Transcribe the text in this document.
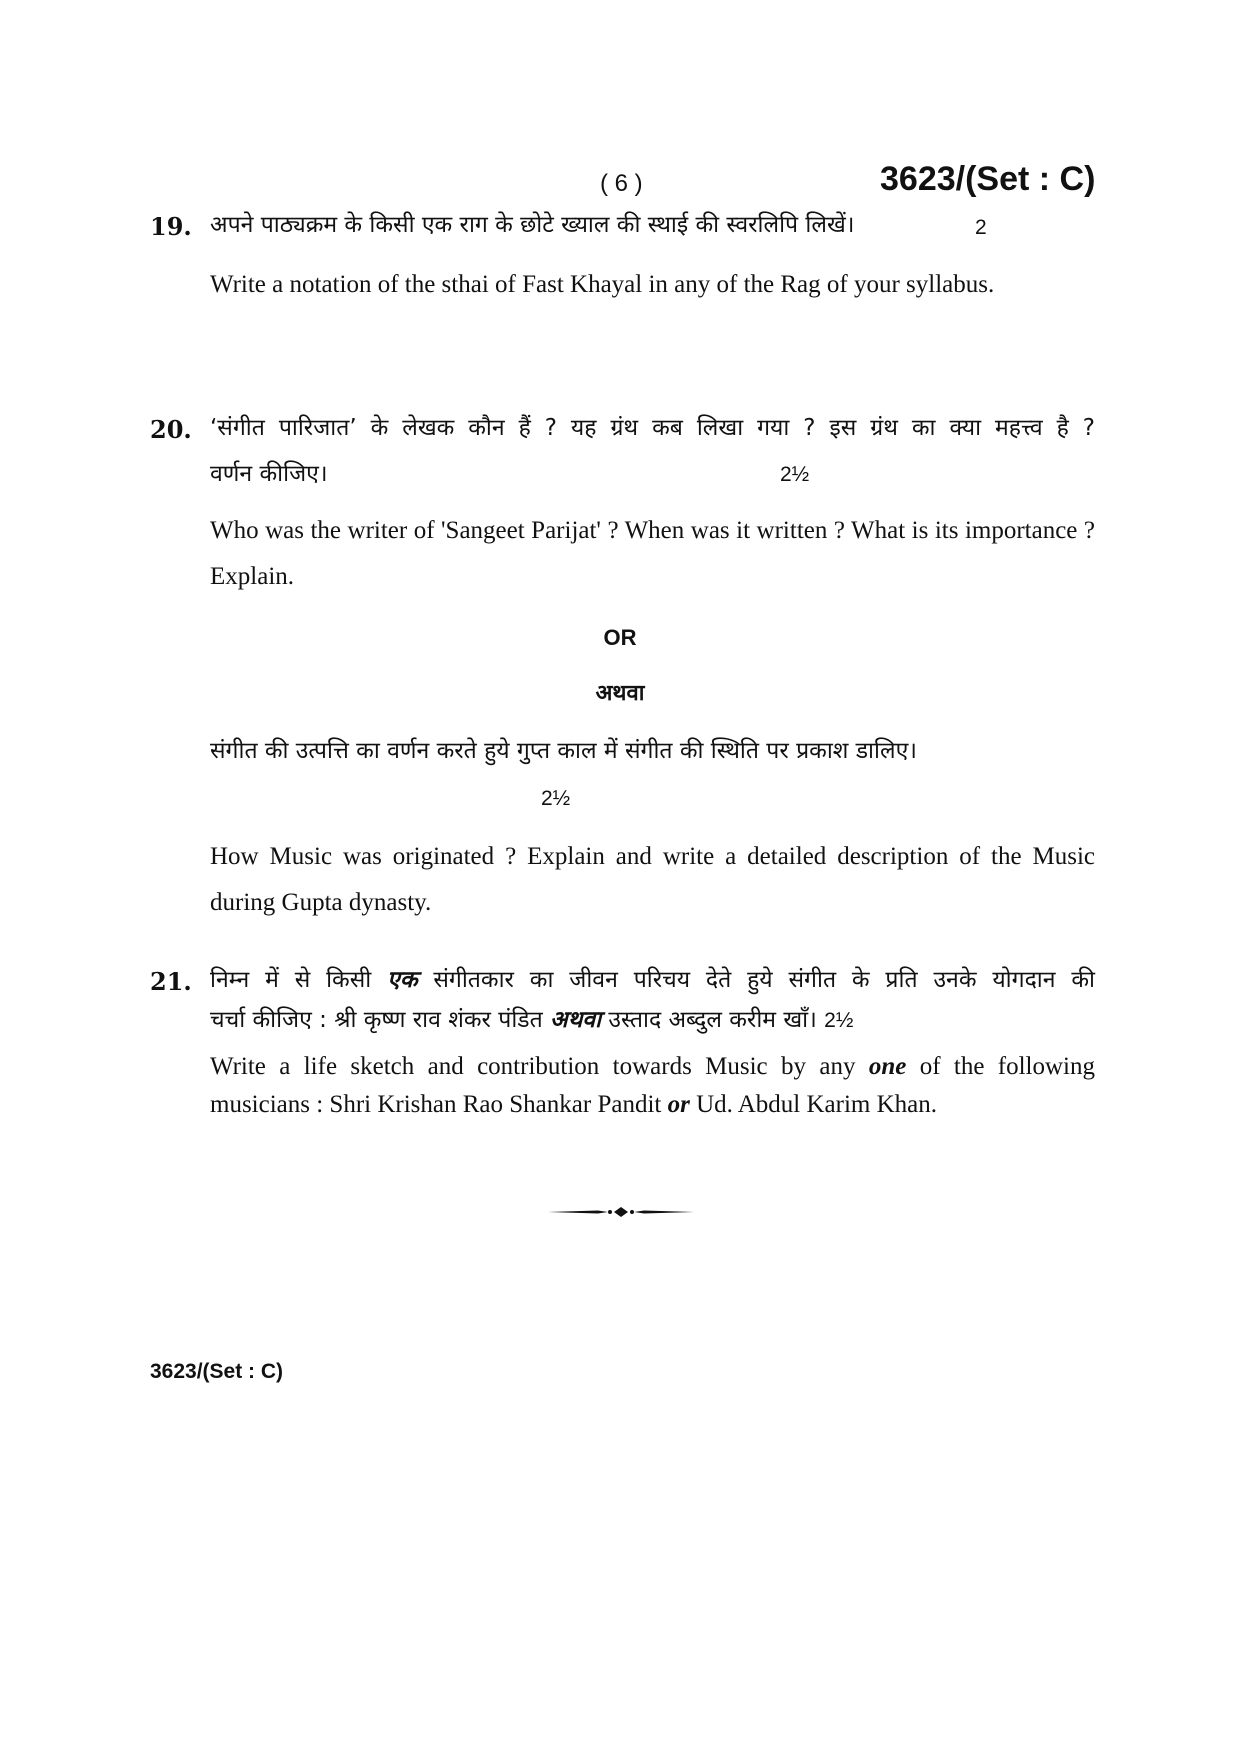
( 6 )	3623/(Set : C)
19. अपने पाठ्यक्रम के किसी एक राग के छोटे ख्याल की स्थाई की स्वरलिपि लिखें।	2
Write a notation of the sthai of Fast Khayal in any of the Rag of your syllabus.
20. ‘संगीत पारिजात’ के लेखक कौन हैं ? यह ग्रंथ कब लिखा गया ? इस ग्रंथ का क्या महत्त्व है ?
वर्णन कीजिए।	2½
Who was the writer of 'Sangeet Parijat' ? When was it written ? What is its importance ? Explain.
OR
अथवा
संगीत की उत्पत्ति का वर्णन करते हुये गुप्त काल में संगीत की स्थिति पर प्रकाश डालिए।
2½
How Music was originated ? Explain and write a detailed description of the Music during Gupta dynasty.
21. निम्न में से किसी एक संगीतकार का जीवन परिचय देते हुये संगीत के प्रति उनके योगदान की
चर्चा कीजिए : श्री कृष्ण राव शंकर पंडित अथवा उस्ताद अब्दुल करीम खाँ। 2½
Write a life sketch and contribution towards Music by any one of the following musicians : Shri Krishan Rao Shankar Pandit or Ud. Abdul Karim Khan.
3623/(Set : C)
